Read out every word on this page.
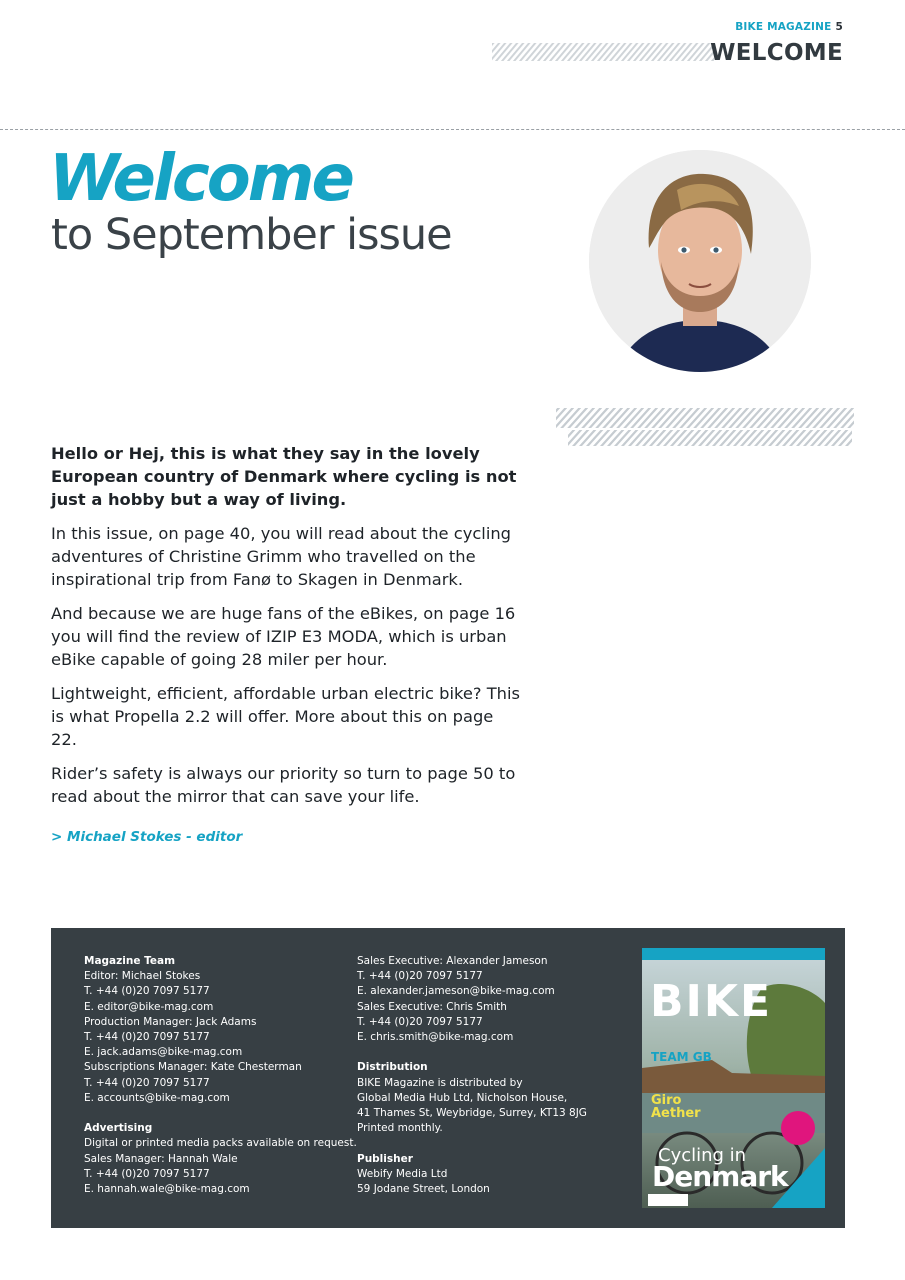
BIKE MAGAZINE 5
WELCOME
Welcome
to September issue

Hello or Hej, this is what they say in the lovely European country of Denmark where cycling is not just a hobby but a way of living.

In this issue, on page 40, you will read about the cycling adventures of Christine Grimm who travelled on the inspirational trip from Fanø to Skagen in Denmark.

And because we are huge fans of the eBikes, on page 16 you will find the review of IZIP E3 MODA, which is urban eBike capable of going 28 miler per hour.

Lightweight, efficient, affordable urban electric bike? This is what Propella 2.2 will offer. More about this on page 22.

Rider’s safety is always our priority so turn to page 50 to read about the mirror that can save your life.

> Michael Stokes - editor
Magazine Team
Editor: Michael Stokes
T. +44 (0)20 7097 5177
E. editor@bike-mag.com
Production Manager: Jack Adams
T. +44 (0)20 7097 5177
E. jack.adams@bike-mag.com
Subscriptions Manager: Kate Chesterman
T. +44 (0)20 7097 5177
E. accounts@bike-mag.com
Advertising
Digital or printed media packs available on request.
Sales Manager: Hannah Wale
T. +44 (0)20 7097 5177
E. hannah.wale@bike-mag.com
Sales Executive: Alexander Jameson
T. +44 (0)20 7097 5177
E. alexander.jameson@bike-mag.com
Sales Executive: Chris Smith
T. +44 (0)20 7097 5177
E. chris.smith@bike-mag.com
Distribution
BIKE Magazine is distributed by
Global Media Hub Ltd, Nicholson House,
41 Thames St, Weybridge, Surrey, KT13 8JG
Printed monthly.
Publisher
Webify Media Ltd
59 Jodane Street, London
BIKE
TEAM GB
Giro Aether
Cycling in
Denmark
